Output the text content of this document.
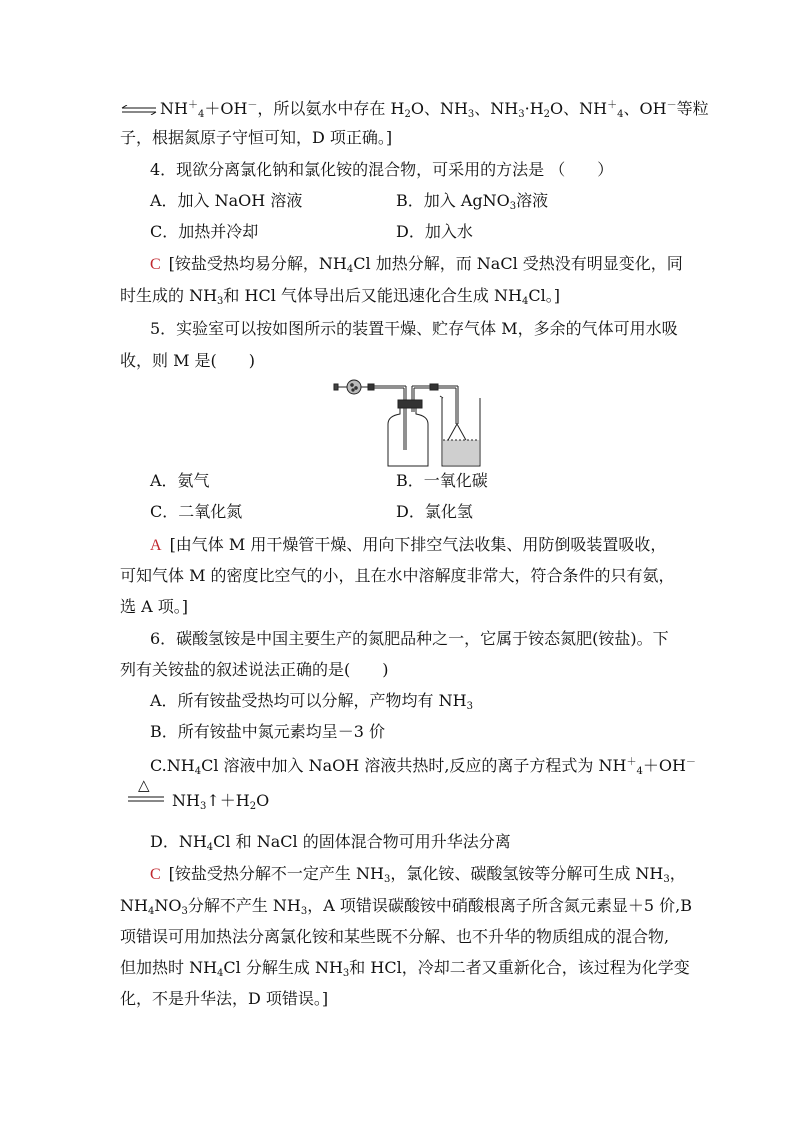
⇌ $NH^+_4+OH^-$，所以氨水中存在 $H_2O$、$NH_3$、$NH_3\cdot H_2O$、$NH^+_4$、OH－等粒
子，根据氮原子守恒可知，D 项正确。]
4．现欲分离氯化钠和氯化铵的混合物，可采用的方法是 （　　）
A．加入 NaOH 溶液	B．加入 AgNO$_3$溶液
C．加热并冷却	D．加入水
C [铵盐受热均易分解，$NH_4Cl$ 加热分解，而 NaCl 受热没有明显变化，同
时生成的 $NH_3$和 HCl 气体导出后又能迅速化合生成 $NH_4Cl$。]
5．实验室可以按如图所示的装置干燥、贮存气体 M，多余的气体可用水吸
收，则 M 是(　　)
A．氨气	B．一氧化碳
C．二氧化氮	D．氯化氢
A [由气体 M 用干燥管干燥、用向下排空气法收集、用防倒吸装置吸收，
可知气体 M 的密度比空气的小，且在水中溶解度非常大，符合条件的只有氨，
选 A 项。]
6．碳酸氢铵是中国主要生产的氮肥品种之一，它属于铵态氮肥(铵盐)。下
列有关铵盐的叙述说法正确的是(　　)
A．所有铵盐受热均可以分解，产物均有 $NH_3$
B．所有铵盐中氮元素均呈－3 价
$C.NH_4Cl$ 溶液中加入 NaOH 溶液共热时,反应的离子方程式为 $NH^+_4+OH^-$
△
$NH_3↑+H_2O$
D．$NH_4Cl$ 和 NaCl 的固体混合物可用升华法分离
C [铵盐受热分解不一定产生 $NH_3$，氯化铵、碳酸氢铵等分解可生成 $NH_3$，
$NH_4NO_3$分解不产生 $NH_3$，A 项错误碳酸铵中硝酸根离子所含氮元素显＋5 价,B
项错误可用加热法分离氯化铵和某些既不分解、也不升华的物质组成的混合物,
但加热时 $NH_4Cl$ 分解生成 $NH_3$和 HCl，冷却二者又重新化合，该过程为化学变
化，不是升华法，D 项错误。]
